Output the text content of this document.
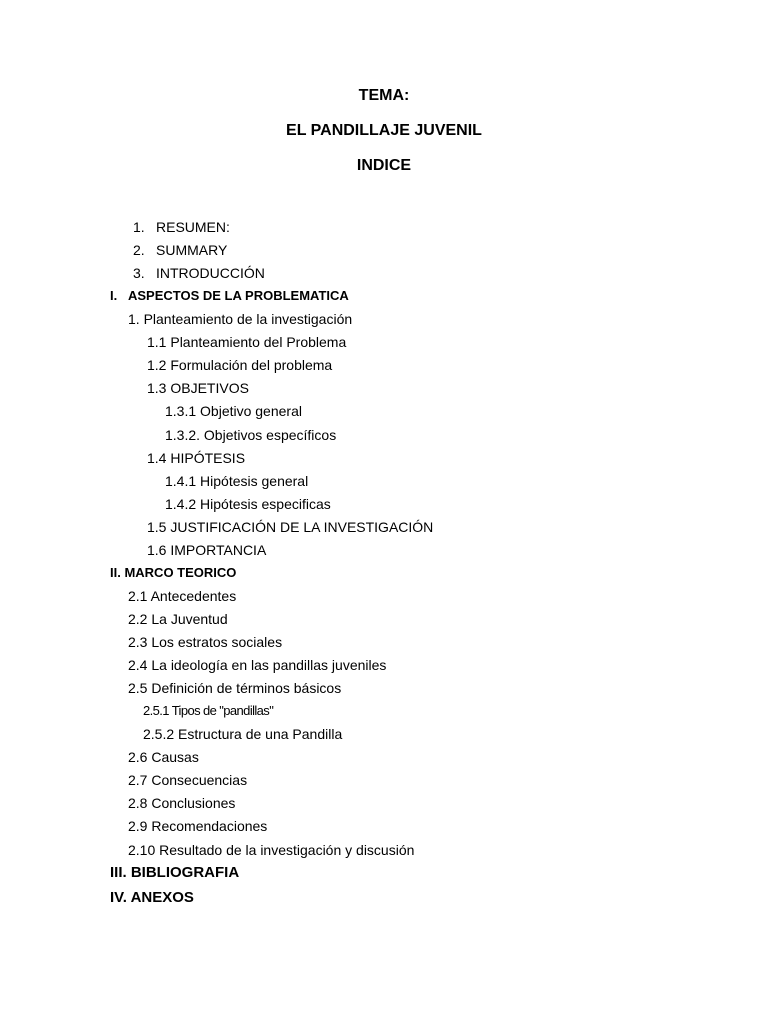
TEMA:
EL PANDILLAJE JUVENIL
INDICE
1. RESUMEN:
2. SUMMARY
3. INTRODUCCIÓN
I. ASPECTOS DE LA PROBLEMATICA
1. Planteamiento de la investigación
1.1 Planteamiento del Problema
1.2 Formulación del problema
1.3 OBJETIVOS
1.3.1 Objetivo general
1.3.2. Objetivos específicos
1.4 HIPÓTESIS
1.4.1 Hipótesis general
1.4.2 Hipótesis especificas
1.5 JUSTIFICACIÓN DE LA INVESTIGACIÓN
1.6 IMPORTANCIA
II. MARCO TEORICO
2.1 Antecedentes
2.2 La Juventud
2.3 Los estratos sociales
2.4 La ideología en las pandillas juveniles
2.5 Definición de términos básicos
2.5.1 Tipos de "pandillas"
2.5.2 Estructura de una Pandilla
2.6 Causas
2.7 Consecuencias
2.8 Conclusiones
2.9 Recomendaciones
2.10 Resultado de la investigación y discusión
III. BIBLIOGRAFIA
IV. ANEXOS
